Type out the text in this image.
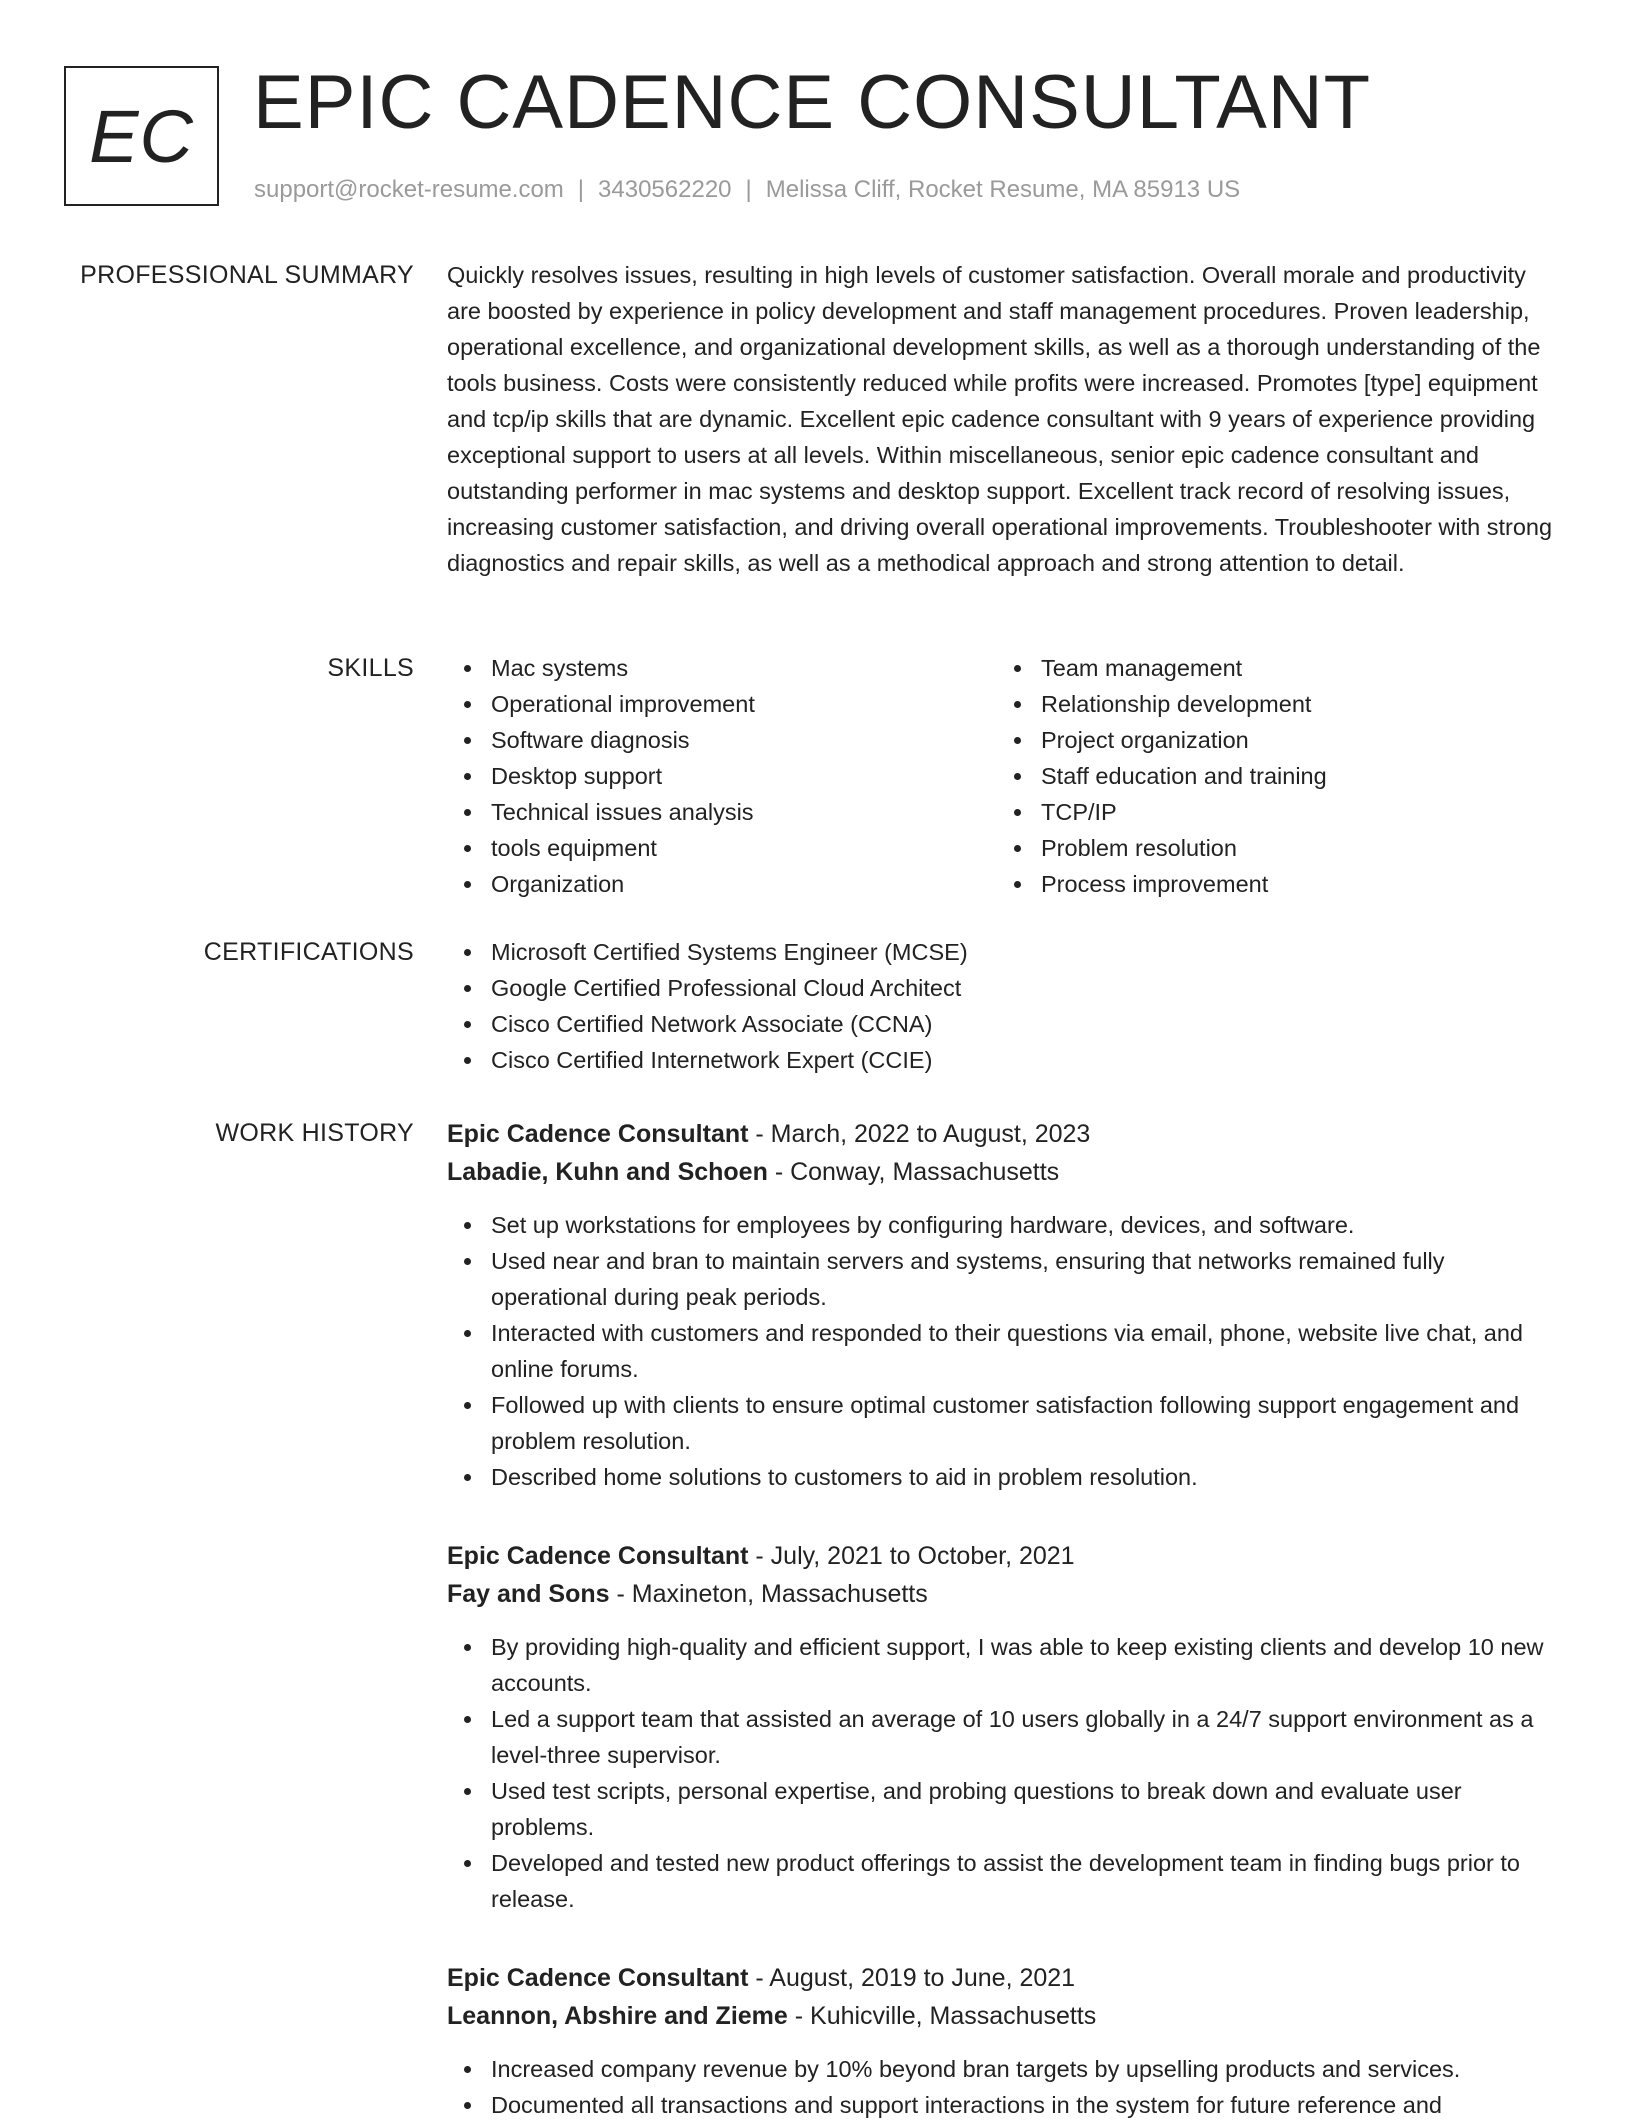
EC EPIC CADENCE CONSULTANT
support@rocket-resume.com | 3430562220 | Melissa Cliff, Rocket Resume, MA 85913 US
PROFESSIONAL SUMMARY Quickly resolves issues, resulting in high levels of customer satisfaction. Overall morale and productivity are boosted by experience in policy development and staff management procedures. Proven leadership, operational excellence, and organizational development skills, as well as a thorough understanding of the tools business. Costs were consistently reduced while profits were increased. Promotes [type] equipment and tcp/ip skills that are dynamic. Excellent epic cadence consultant with 9 years of experience providing exceptional support to users at all levels. Within miscellaneous, senior epic cadence consultant and outstanding performer in mac systems and desktop support. Excellent track record of resolving issues, increasing customer satisfaction, and driving overall operational improvements. Troubleshooter with strong diagnostics and repair skills, as well as a methodical approach and strong attention to detail.

SKILLS	Mac systems
Operational improvement
Software diagnosis
Desktop support
Technical issues analysis
tools equipment
Organization
Team management
Relationship development
Project organization
Staff education and training
TCP/IP
Problem resolution
Process improvement
CERTIFICATIONS	Microsoft Certified Systems Engineer (MCSE)
Google Certified Professional Cloud Architect
Cisco Certified Network Associate (CCNA)
Cisco Certified Internetwork Expert (CCIE)
WORK HISTORY Epic Cadence Consultant - March, 2022 to August, 2023
Labadie, Kuhn and Schoen - Conway, Massachusetts
Set up workstations for employees by configuring hardware, devices, and software.
Used near and bran to maintain servers and systems, ensuring that networks remained fully operational during peak periods.
Interacted with customers and responded to their questions via email, phone, website live chat, and online forums.
Followed up with clients to ensure optimal customer satisfaction following support engagement and problem resolution.
Described home solutions to customers to aid in problem resolution.
Epic Cadence Consultant - July, 2021 to October, 2021
Fay and Sons - Maxineton, Massachusetts
By providing high-quality and efficient support, I was able to keep existing clients and develop 10 new accounts.
Led a support team that assisted an average of 10 users globally in a 24/7 support environment as a level-three supervisor.
Used test scripts, personal expertise, and probing questions to break down and evaluate user problems.
Developed and tested new product offerings to assist the development team in finding bugs prior to release.
Epic Cadence Consultant - August, 2019 to June, 2021
Leannon, Abshire and Zieme - Kuhicville, Massachusetts
Increased company revenue by 10% beyond bran targets by upselling products and services.
Documented all transactions and support interactions in the system for future reference and
